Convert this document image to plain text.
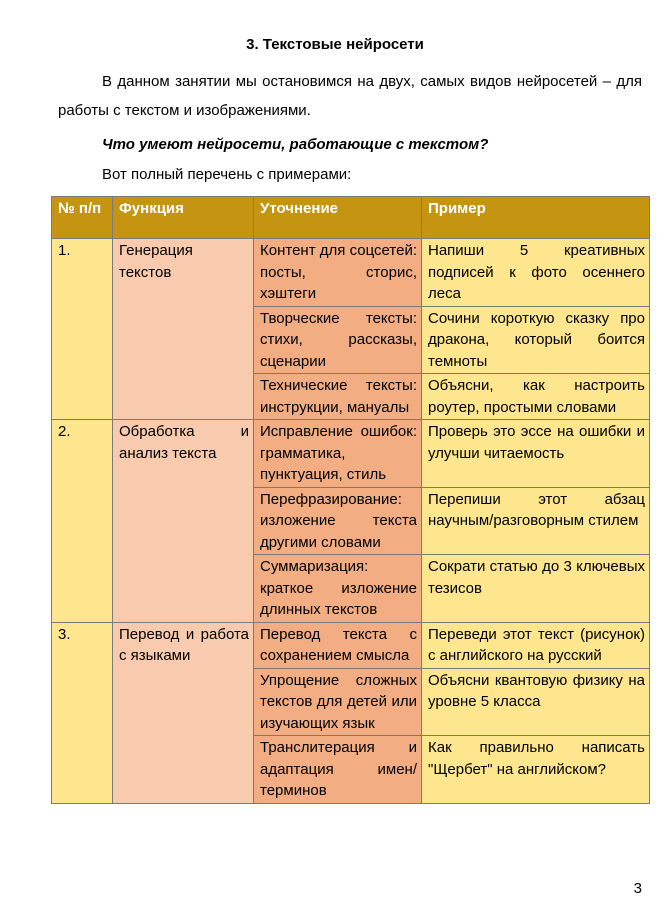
3. Текстовые нейросети
В данном занятии мы остановимся на двух, самых видов нейросетей – для работы с текстом и изображениями.
Что умеют нейросети, работающие с текстом?
Вот полный перечень с примерами:
№ п/п	Функция	Уточнение	Пример
1.	Генерация текстов	Контент для соцсетей: посты, сторис, хэштеги	Напиши 5 креативных подписей к фото осеннего леса
		Творческие тексты: стихи, рассказы, сценарии	Сочини короткую сказку про дракона, который боится темноты
		Технические тексты: инструкции, мануалы	Объясни, как настроить роутер, простыми словами
2.	Обработка и анализ текста	Исправление ошибок: грамматика, пунктуация, стиль	Проверь это эссе на ошибки и улучши читаемость
		Перефразирование: изложение текста другими словами	Перепиши этот абзац научным/разговорным стилем
		Суммаризация: краткое изложение длинных текстов	Сократи статью до 3 ключевых тезисов
3.	Перевод и работа с языками	Перевод текста с сохранением смысла	Переведи этот текст (рисунок) с английского на русский
		Упрощение сложных текстов для детей или изучающих язык	Объясни квантовую физику на уровне 5 класса
		Транслитерация и адаптация имен/терминов	Как правильно написать "Щербет" на английском?
3
